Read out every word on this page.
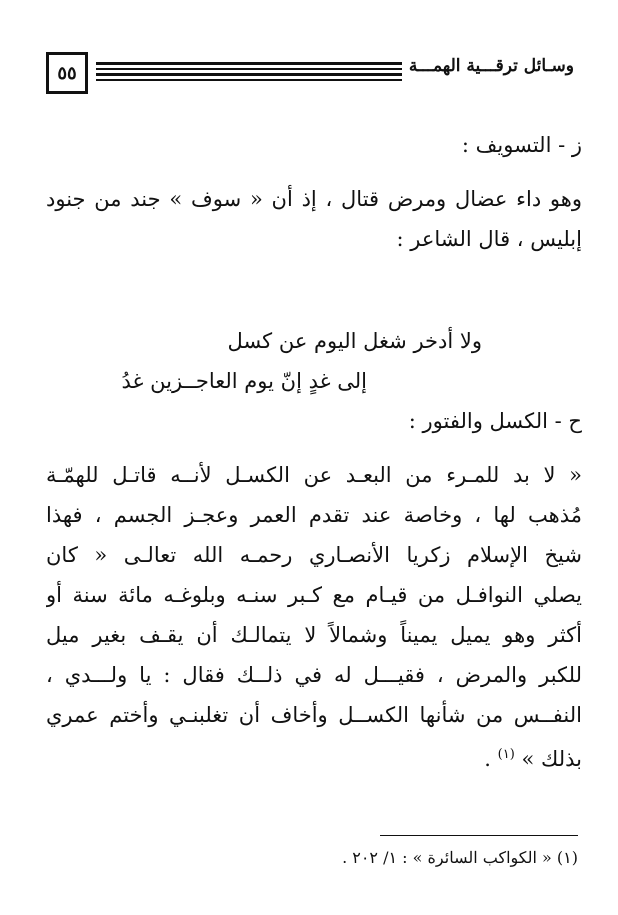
٥٥	وسـائل ترقـــية الهمـــة
ز - التسويف :
وهو داء عضال ومرض قتال ، إذ أن « سوف » جند من جنود
إبليس ، قال الشاعر :
ولا أدخر شغل اليوم عن كسل
إلى غدٍ إنّ يوم العاجــزين غدُ
ح - الكسل والفتور :
« لا بد للمـرء من البعـد عن الكسـل لأنــه قاتـل للهمّـة
مُذهب لها ، وخاصة عند تقدم العمر وعجـز الجسم ، فهذا
شيخ الإسلام زكريا الأنصـاري رحمـه الله تعالـى « كان
يصلي النوافـل من قيـام مع كـبر سنـه وبلوغـه مائة سنة أو
أكثر وهو يميل يميناً وشمالاً لا يتمالـك أن يقـف بغير ميل
للكبر والمرض ، فقيـــل له في ذلــك فقال : يا ولـــدي ،
النفــس من شأنها الكســل وأخاف أن تغلبنـي وأختم عمري
بذلك » $^{(١)}$ .
(١) « الكواكب السائرة » : ١/ ٢٠٢ .
